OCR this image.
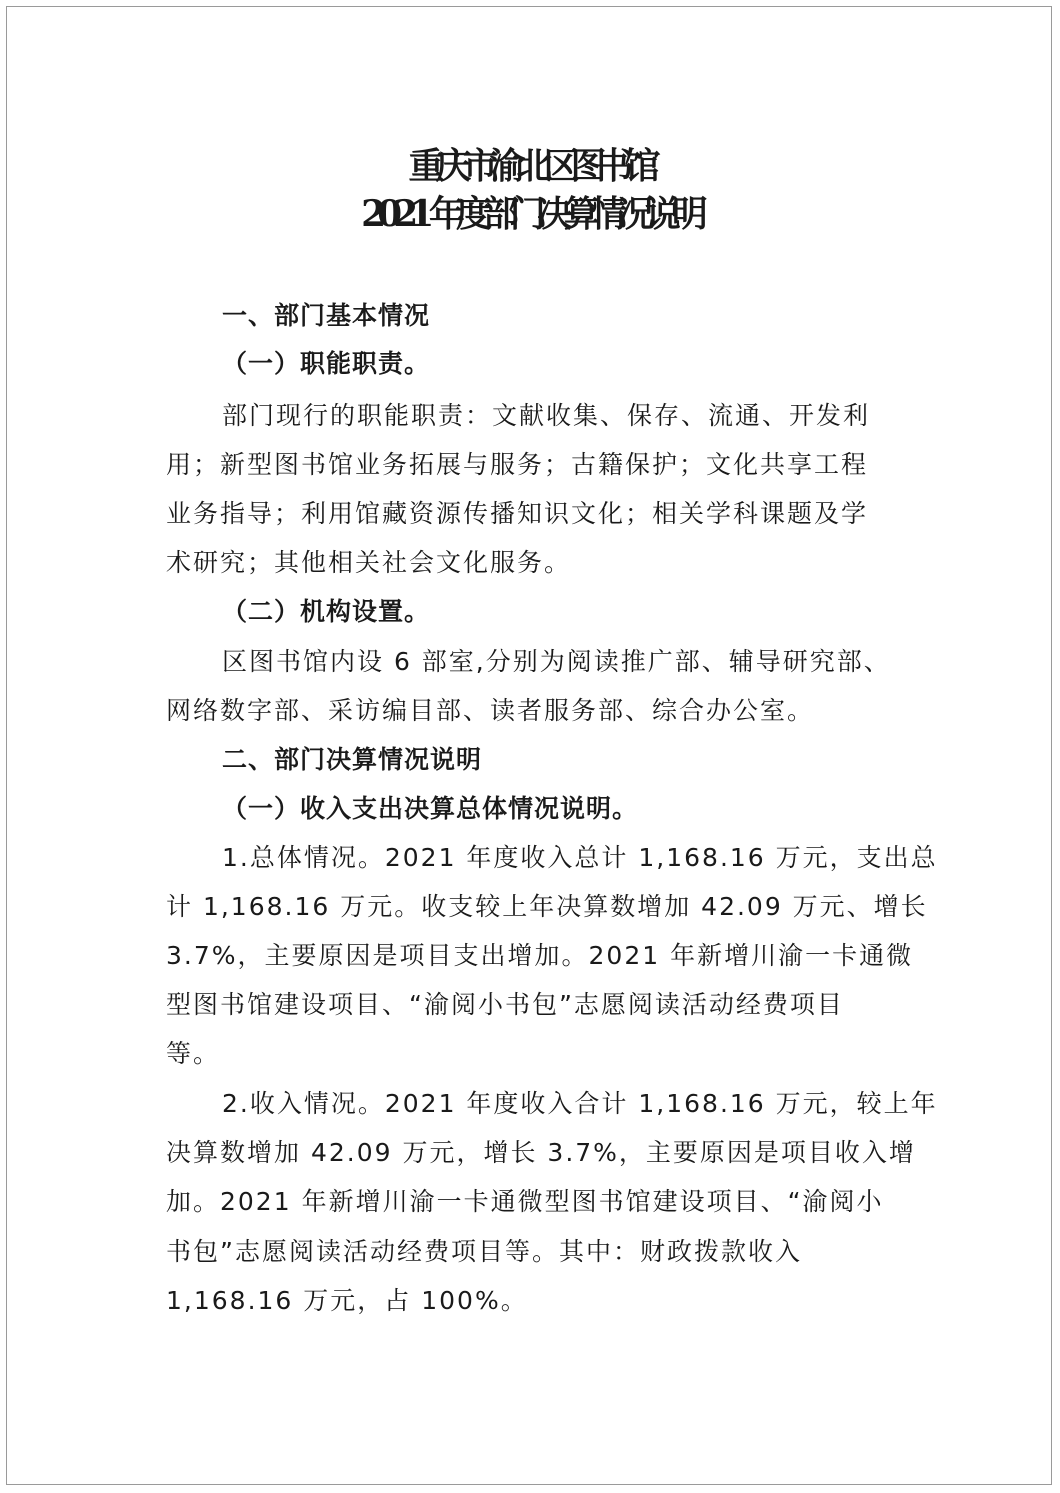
重庆市渝北区图书馆
2021 年度部门决算情况说明
一、部门基本情况
（一）职能职责。
部门现行的职能职责：文献收集、保存、流通、开发利
用；新型图书馆业务拓展与服务；古籍保护；文化共享工程
业务指导；利用馆藏资源传播知识文化；相关学科课题及学
术研究；其他相关社会文化服务。
（二）机构设置。
区图书馆内设 6 部室,分别为阅读推广部、辅导研究部、
网络数字部、采访编目部、读者服务部、综合办公室。
二、部门决算情况说明
（一）收入支出决算总体情况说明。
1.总体情况。2021 年度收入总计 1,168.16 万元，支出总
计 1,168.16 万元。收支较上年决算数增加 42.09 万元、增长
3.7%，主要原因是项目支出增加。2021 年新增川渝一卡通微
型图书馆建设项目、“渝阅小书包”志愿阅读活动经费项目
等。
2.收入情况。2021 年度收入合计 1,168.16 万元，较上年
决算数增加 42.09 万元，增长 3.7%，主要原因是项目收入增
加。2021 年新增川渝一卡通微型图书馆建设项目、“渝阅小
书包”志愿阅读活动经费项目等。其中：财政拨款收入
1,168.16 万元，占 100%。
